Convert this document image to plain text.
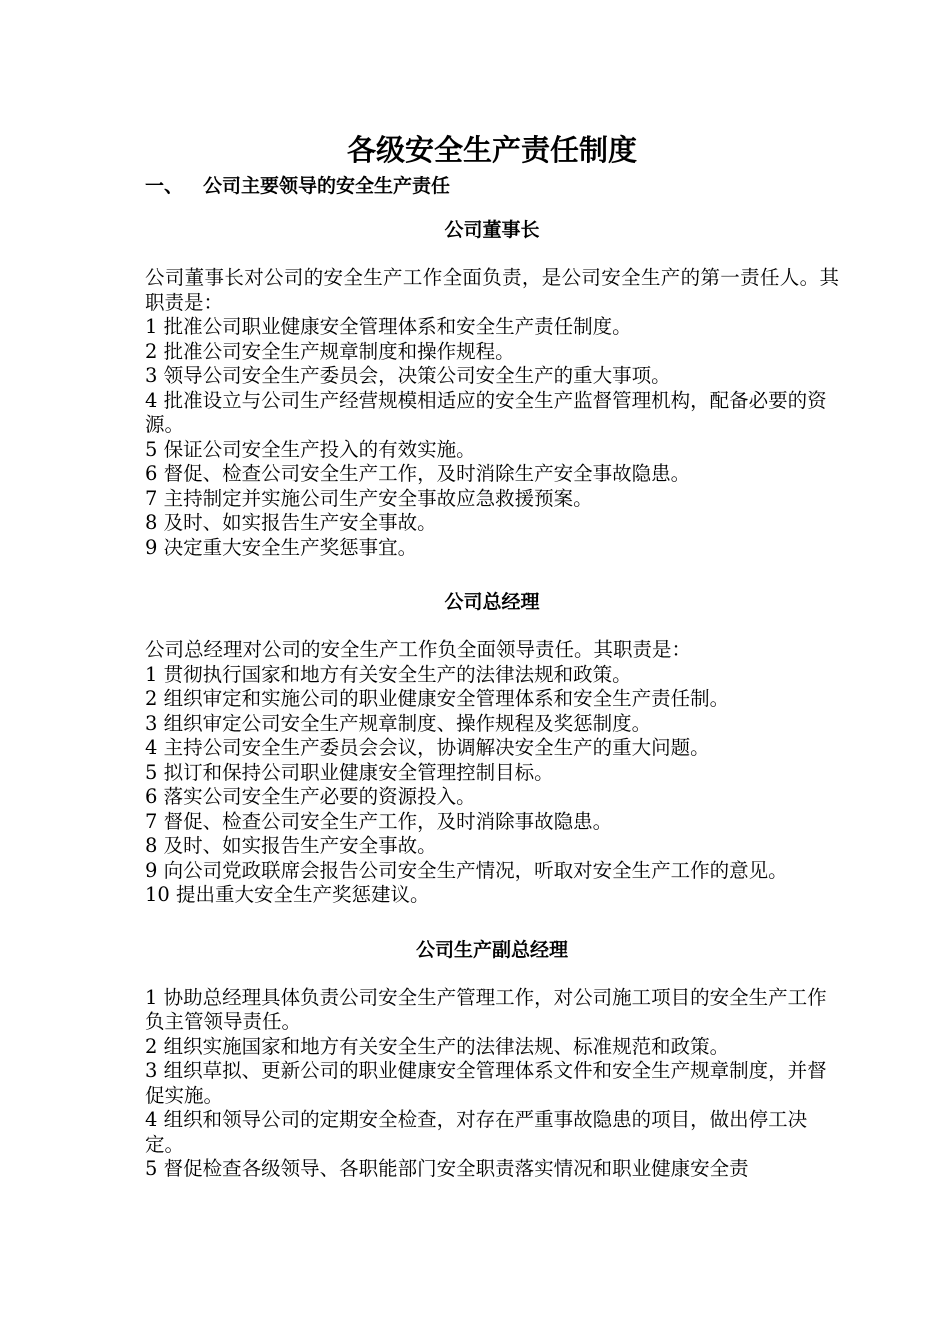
各级安全生产责任制度
一、 公司主要领导的安全生产责任
公司董事长

公司董事长对公司的安全生产工作全面负责，是公司安全生产的第一责任人。其职责是：

1 批准公司职业健康安全管理体系和安全生产责任制度。
2 批准公司安全生产规章制度和操作规程。
3 领导公司安全生产委员会，决策公司安全生产的重大事项。
4 批准设立与公司生产经营规模相适应的安全生产监督管理机构，配备必要的资源。
5 保证公司安全生产投入的有效实施。
6 督促、检查公司安全生产工作，及时消除生产安全事故隐患。
7 主持制定并实施公司生产安全事故应急救援预案。
8 及时、如实报告生产安全事故。
9 决定重大安全生产奖惩事宜。
公司总经理

公司总经理对公司的安全生产工作负全面领导责任。其职责是：

1 贯彻执行国家和地方有关安全生产的法律法规和政策。
2 组织审定和实施公司的职业健康安全管理体系和安全生产责任制。
3 组织审定公司安全生产规章制度、操作规程及奖惩制度。
4 主持公司安全生产委员会会议，协调解决安全生产的重大问题。
5 拟订和保持公司职业健康安全管理控制目标。
6 落实公司安全生产必要的资源投入。
7 督促、检查公司安全生产工作，及时消除事故隐患。
8 及时、如实报告生产安全事故。
9 向公司党政联席会报告公司安全生产情况，听取对安全生产工作的意见。
10 提出重大安全生产奖惩建议。
公司生产副总经理
1 协助总经理具体负责公司安全生产管理工作，对公司施工项目的安全生产工作负主管领导责任。
2 组织实施国家和地方有关安全生产的法律法规、标准规范和政策。
3 组织草拟、更新公司的职业健康安全管理体系文件和安全生产规章制度，并督促实施。
4 组织和领导公司的定期安全检查，对存在严重事故隐患的项目，做出停工决定。
5 督促检查各级领导、各职能部门安全职责落实情况和职业健康安全责
